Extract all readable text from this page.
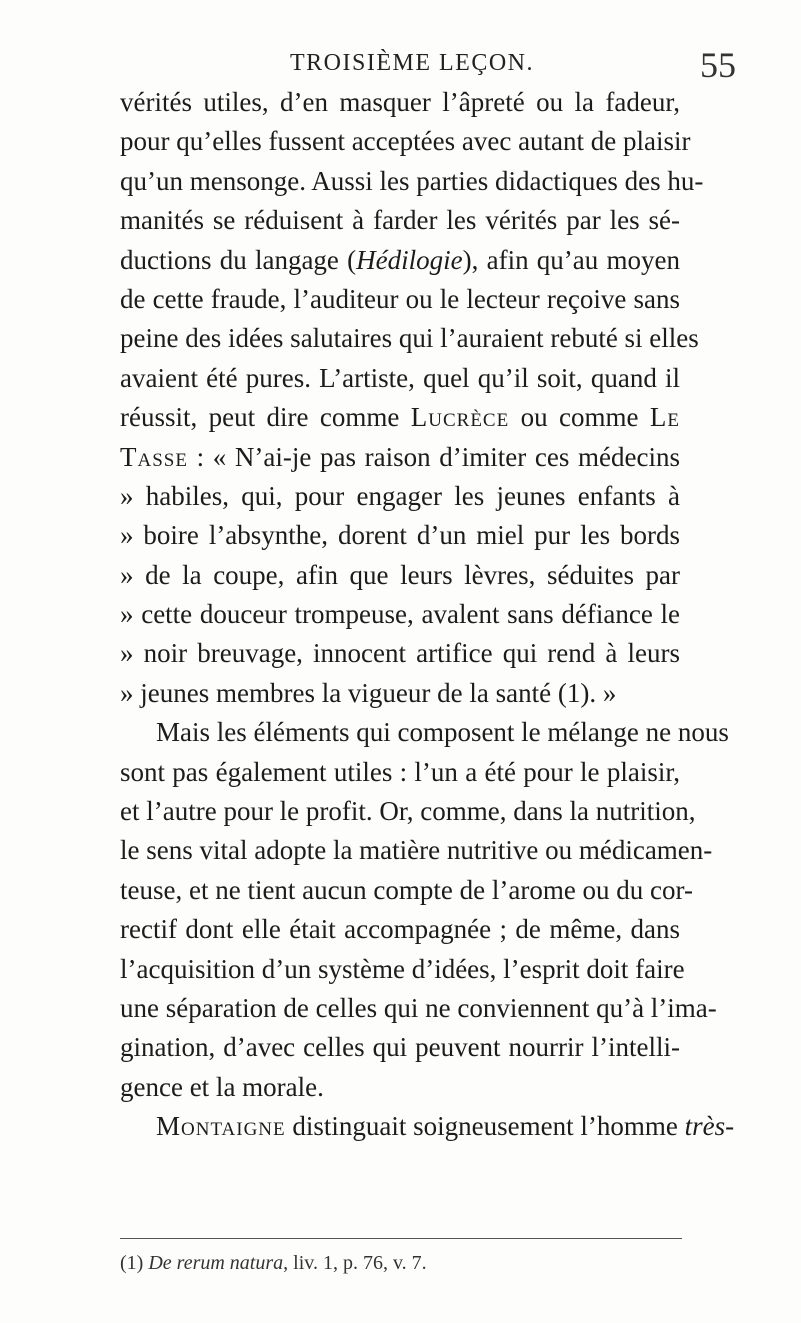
TROISIÈME LEÇON.	55
vérités utiles, d’en masquer l’âpreté ou la fadeur,
pour qu’elles fussent acceptées avec autant de plaisir
qu’un mensonge. Aussi les parties didactiques des hu-
manités se réduisent à farder les vérités par les sé-
ductions du langage (Hédilogie), afin qu’au moyen
de cette fraude, l’auditeur ou le lecteur reçoive sans
peine des idées salutaires qui l’auraient rebuté si elles
avaient été pures. L’artiste, quel qu’il soit, quand il
réussit, peut dire comme Lucrèce ou comme Le
Tasse : « N’ai-je pas raison d’imiter ces médecins
» habiles, qui, pour engager les jeunes enfants à
» boire l’absynthe, dorent d’un miel pur les bords
» de la coupe, afin que leurs lèvres, séduites par
» cette douceur trompeuse, avalent sans défiance le
» noir breuvage, innocent artifice qui rend à leurs
» jeunes membres la vigueur de la santé (1). »
Mais les éléments qui composent le mélange ne nous
sont pas également utiles : l’un a été pour le plaisir,
et l’autre pour le profit. Or, comme, dans la nutrition,
le sens vital adopte la matière nutritive ou médicamen-
teuse, et ne tient aucun compte de l’arome ou du cor-
rectif dont elle était accompagnée ; de même, dans
l’acquisition d’un système d’idées, l’esprit doit faire
une séparation de celles qui ne conviennent qu’à l’ima-
gination, d’avec celles qui peuvent nourrir l’intelli-
gence et la morale.
Montaigne distinguait soigneusement l’homme très-
(1) De rerum natura, liv. 1, p. 76, v. 7.
